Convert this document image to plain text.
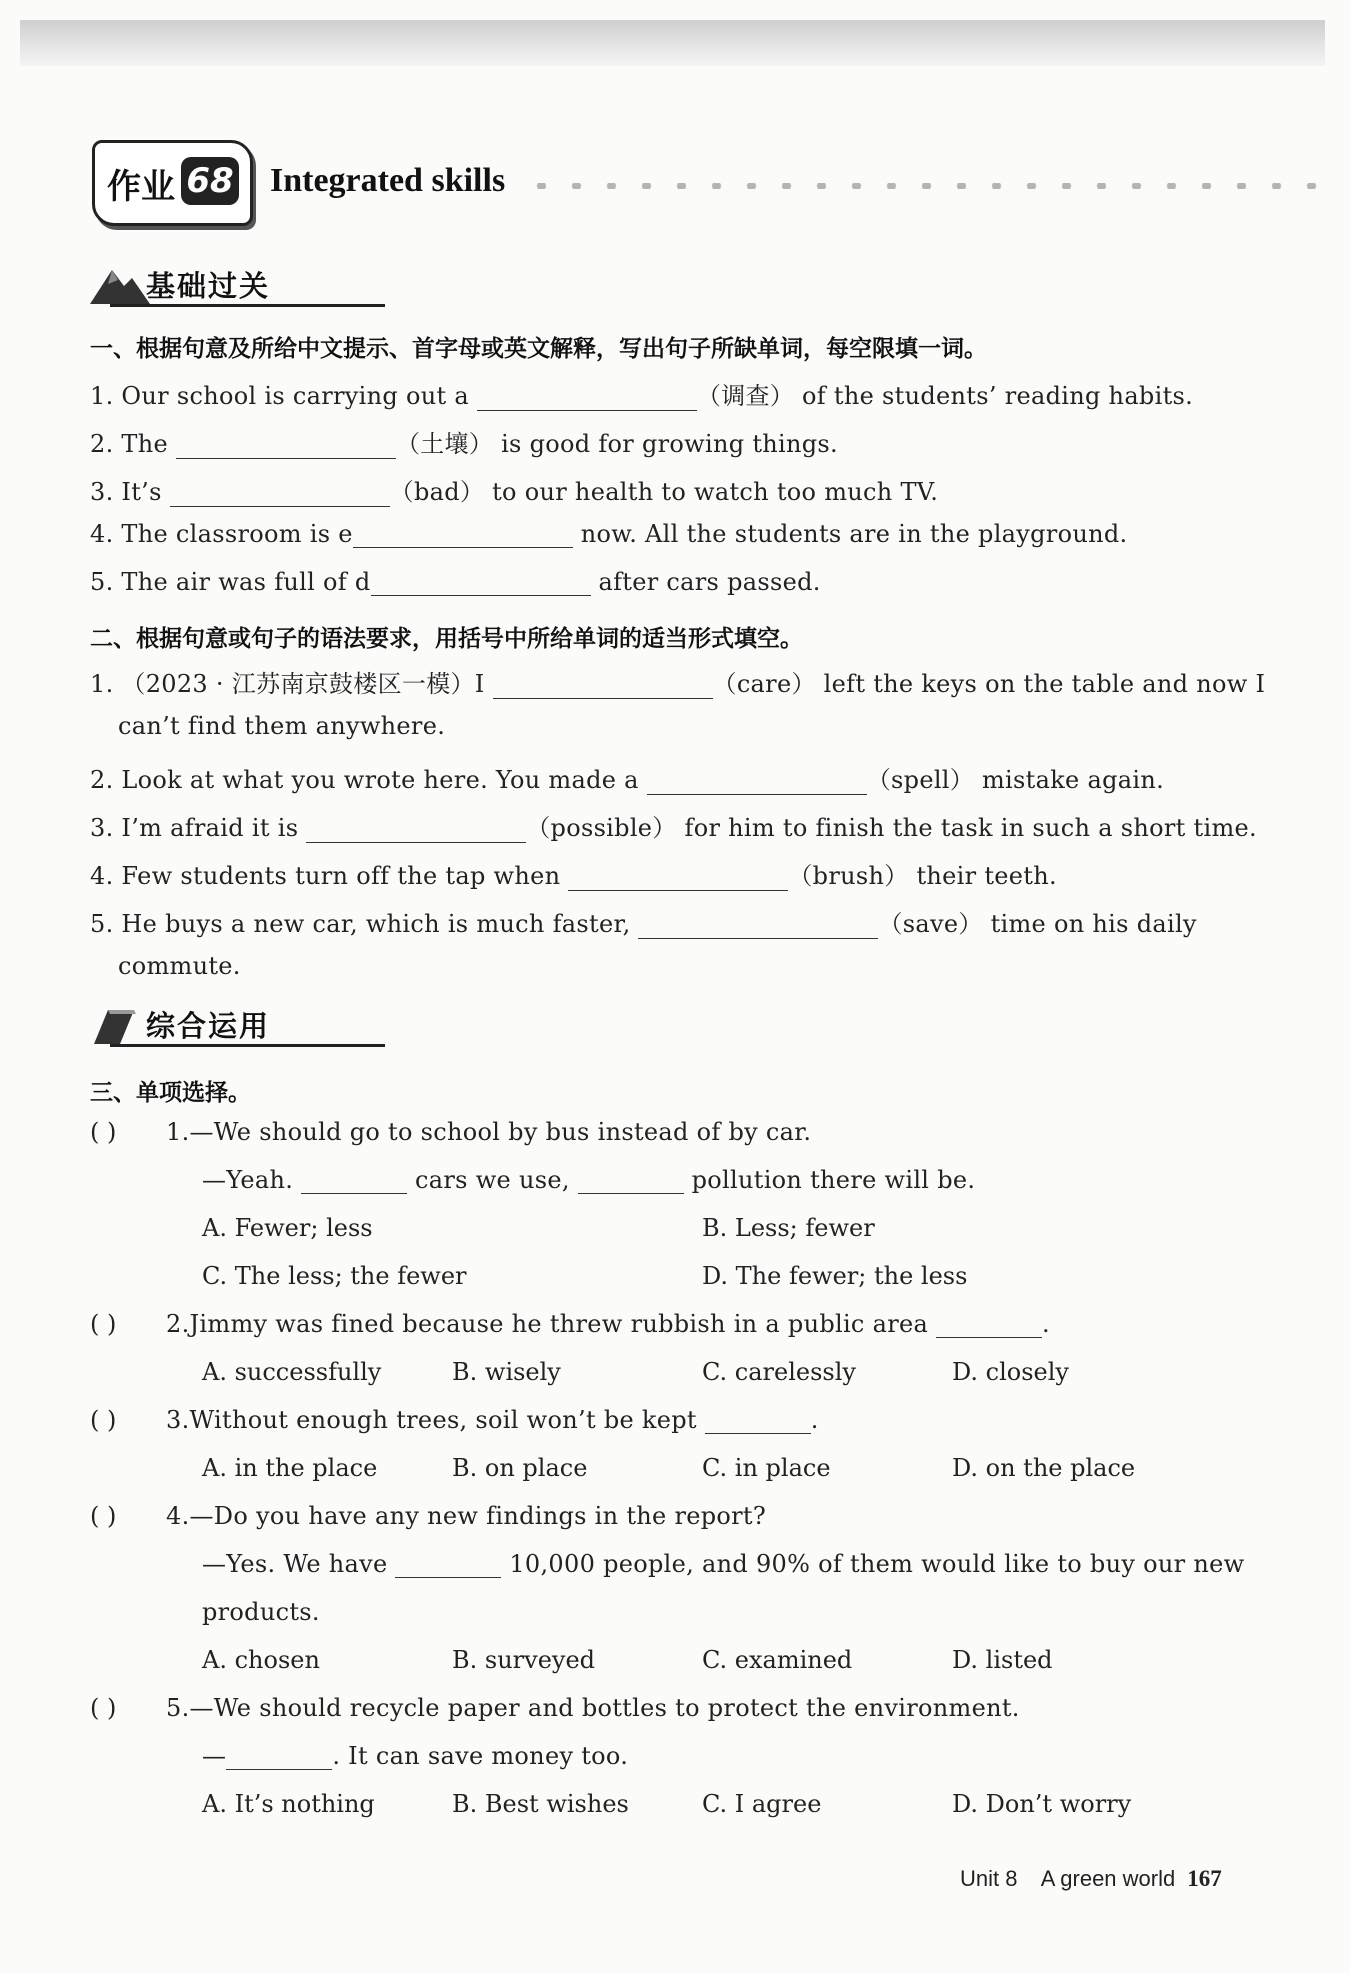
作业 68 Integrated skills
基础过关
一、根据句意及所给中文提示、首字母或英文解释，写出句子所缺单词，每空限填一词。
1. Our school is carrying out a	（调查） of the students’ reading habits.
2. The	（土壤） is good for growing things.
3. It’s	（bad） to our health to watch too much TV.
4. The classroom is e	now. All the students are in the playground.
5. The air was full of d	after cars passed.
二、根据句意或句子的语法要求，用括号中所给单词的适当形式填空。
1. （2023 · 江苏南京鼓楼区一模）I	（care） left the keys on the table and now I
can’t find them anywhere.
2. Look at what you wrote here. You made a	（spell） mistake again.
3. I’m afraid it is	（possible） for him to finish the task in such a short time.
4. Few students turn off the tap when	（brush） their teeth.
5. He buys a new car, which is much faster,	（save） time on his daily
commute.
综合运用
三、单项选择。
( ) 1.—We should go to school by bus instead of by car.
—Yeah.	cars we use,	pollution there will be.
A. Fewer; less	B. Less; fewer
C. The less; the fewer	D. The fewer; the less
( ) 2.Jimmy was fined because he threw rubbish in a public area	.
A. successfully	B. wisely	C. carelessly	D. closely
( ) 3.Without enough trees, soil won’t be kept	.
A. in the place	B. on place	C. in place	D. on the place
( ) 4.—Do you have any new findings in the report?
—Yes. We have	10,000 people, and 90% of them would like to buy our new
products.
A. chosen	B. surveyed	C. examined	D. listed
( ) 5.—We should recycle paper and bottles to protect the environment.
—	. It can save money too.
A. It’s nothing	B. Best wishes	C. I agree	D. Don’t worry
Unit 8    A green world 167
